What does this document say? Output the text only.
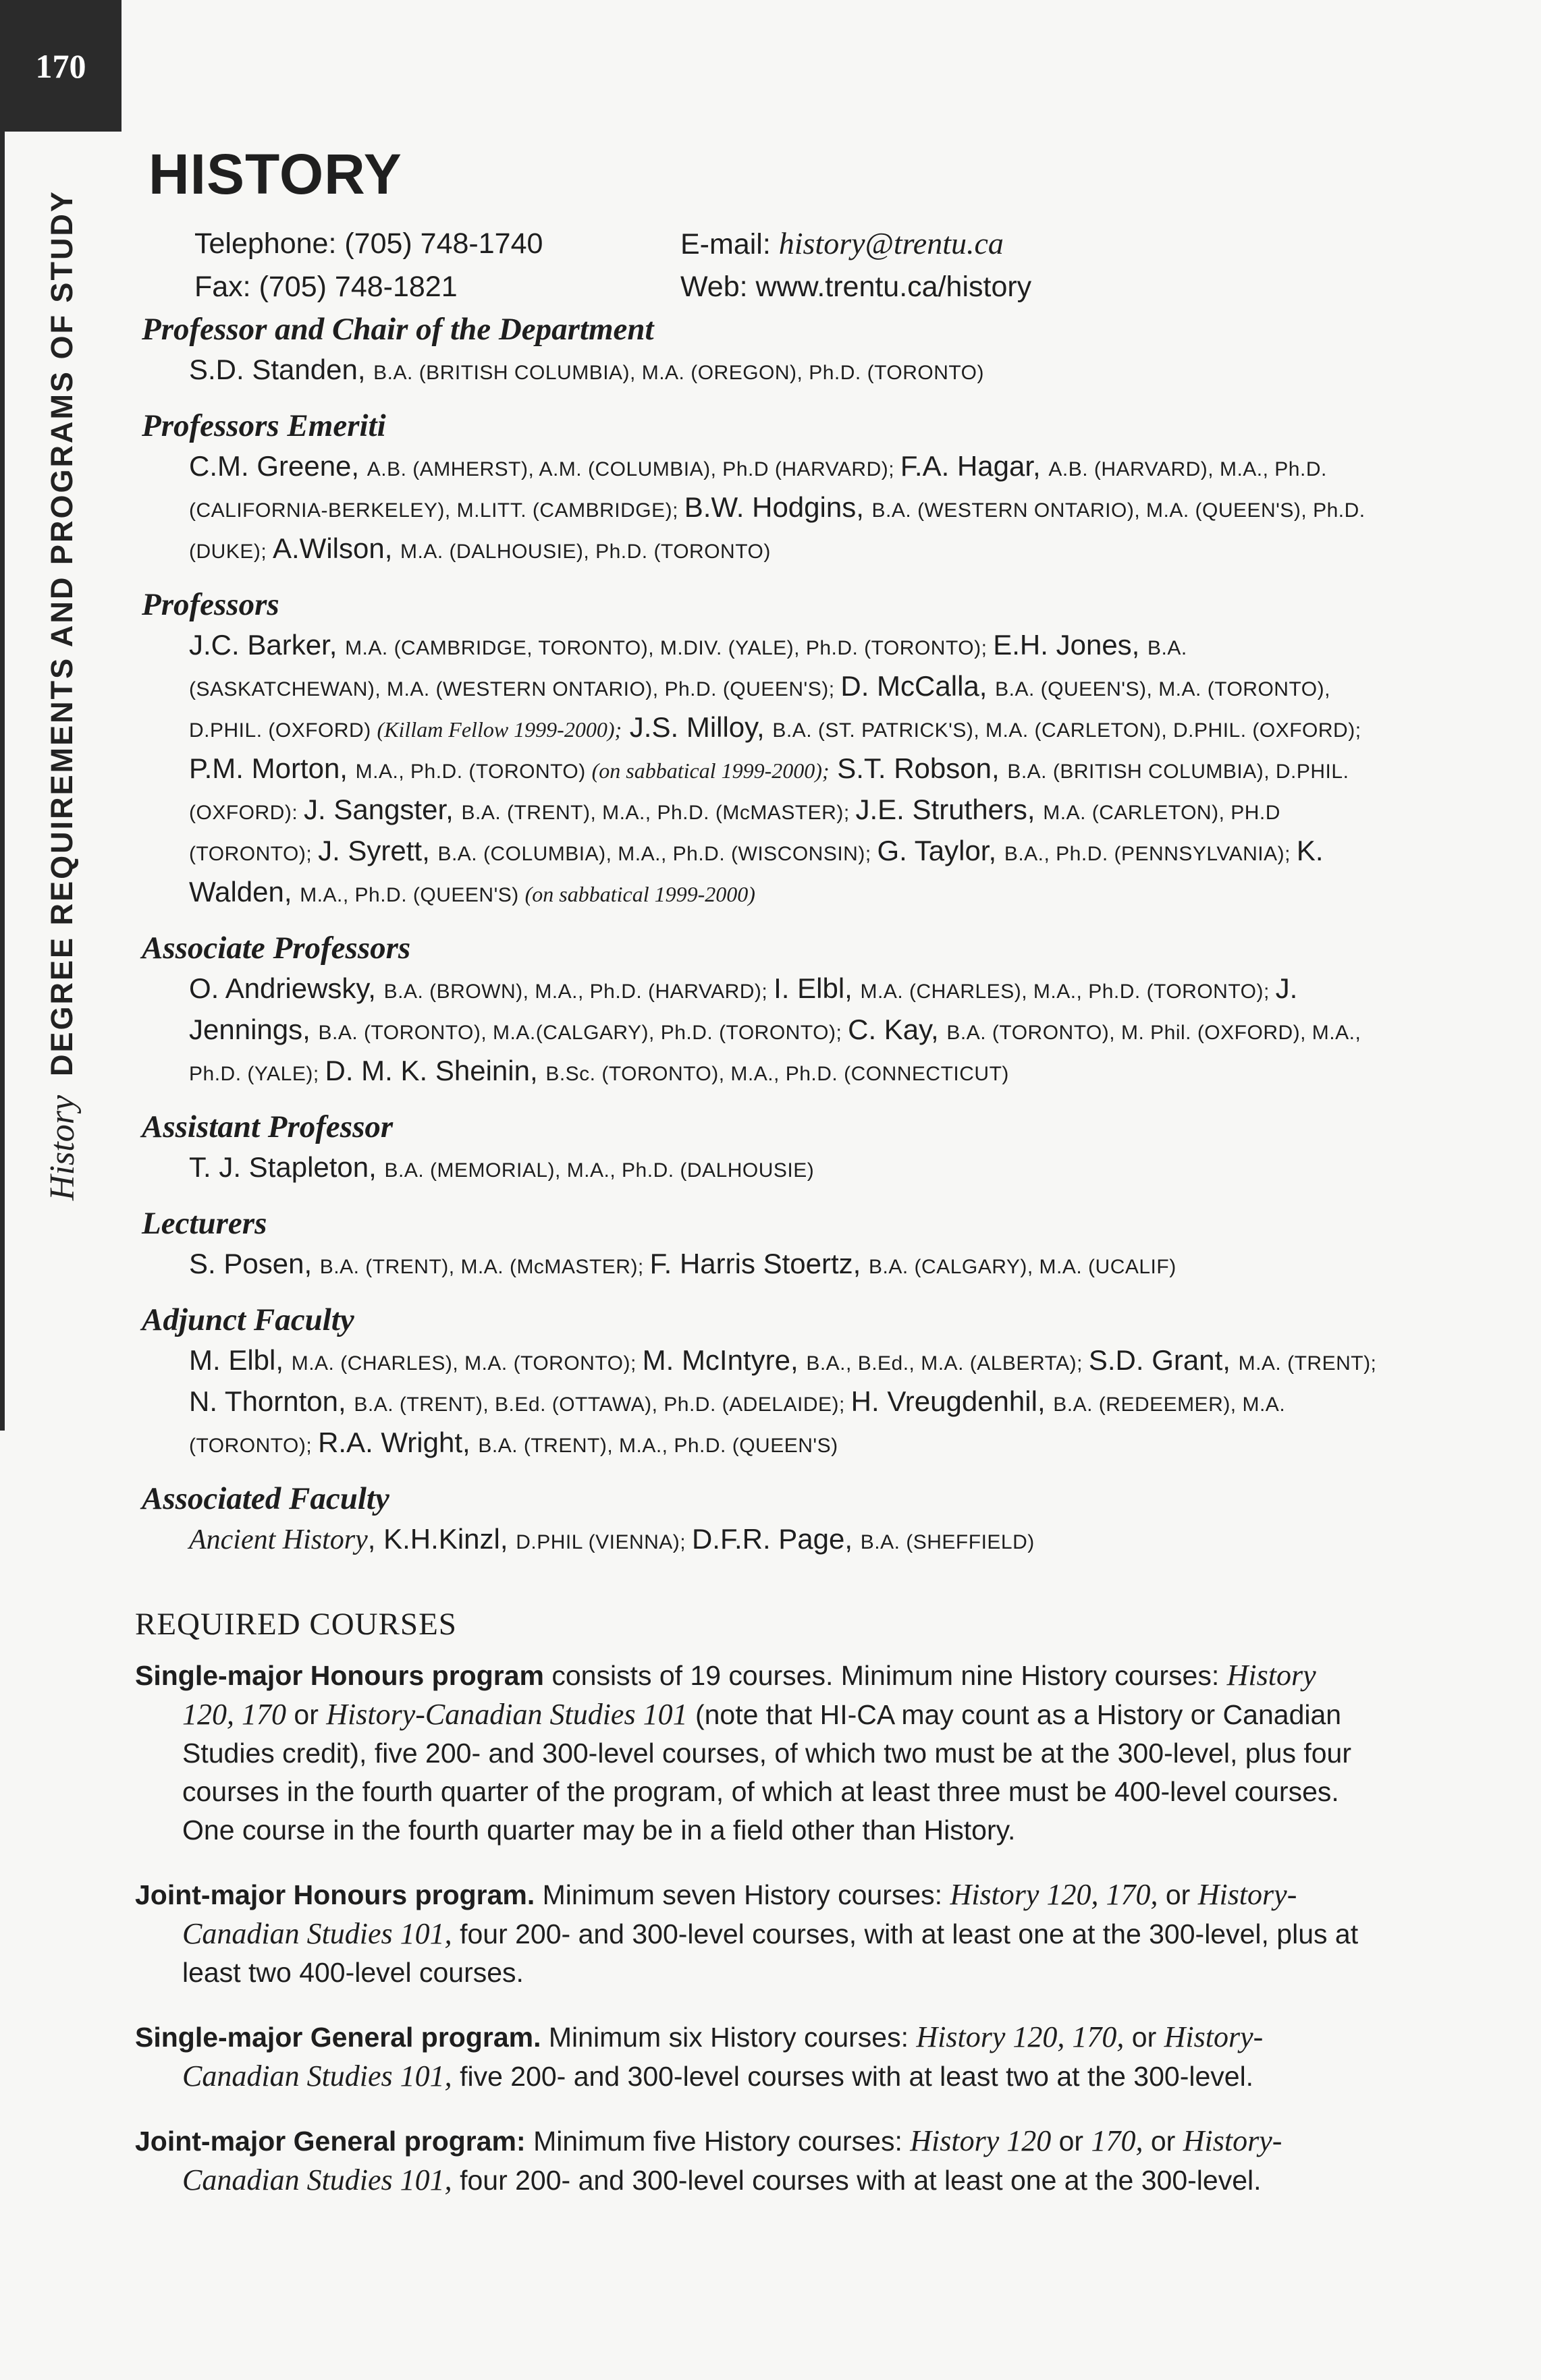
170
History
DEGREE REQUIREMENTS AND PROGRAMS OF STUDY
HISTORY
Telephone: (705) 748-1740	E-mail: history@trentu.ca
Fax: (705) 748-1821	Web: www.trentu.ca/history
Professor and Chair of the Department
S.D. Standen, B.A. (BRITISH COLUMBIA), M.A. (OREGON), Ph.D. (TORONTO)
Professors Emeriti
C.M. Greene, A.B. (AMHERST), A.M. (COLUMBIA), Ph.D (HARVARD); F.A. Hagar, A.B. (HARVARD), M.A., Ph.D. (CALIFORNIA-BERKELEY), M.LITT. (CAMBRIDGE); B.W. Hodgins, B.A. (WESTERN ONTARIO), M.A. (QUEEN'S), Ph.D. (DUKE); A.Wilson, M.A. (DALHOUSIE), Ph.D. (TORONTO)
Professors
J.C. Barker, M.A. (CAMBRIDGE, TORONTO), M.DIV. (YALE), Ph.D. (TORONTO); E.H. Jones, B.A. (SASKATCHEWAN), M.A. (WESTERN ONTARIO), Ph.D. (QUEEN'S); D. McCalla, B.A. (QUEEN'S), M.A. (TORONTO), D.PHIL. (OXFORD) (Killam Fellow 1999-2000); J.S. Milloy, B.A. (ST. PATRICK'S), M.A. (CARLETON), D.PHIL. (OXFORD); P.M. Morton, M.A., Ph.D. (TORONTO) (on sabbatical 1999-2000); S.T. Robson, B.A. (BRITISH COLUMBIA), D.PHIL. (OXFORD): J. Sangster, B.A. (TRENT), M.A., Ph.D. (McMASTER); J.E. Struthers, M.A. (CARLETON), PH.D (TORONTO); J. Syrett, B.A. (COLUMBIA), M.A., Ph.D. (WISCONSIN); G. Taylor, B.A., Ph.D. (PENNSYLVANIA); K. Walden, M.A., Ph.D. (QUEEN'S) (on sabbatical 1999-2000)
Associate Professors
O. Andriewsky, B.A. (BROWN), M.A., Ph.D. (HARVARD); I. Elbl, M.A. (CHARLES), M.A., Ph.D. (TORONTO); J. Jennings, B.A. (TORONTO), M.A.(CALGARY), Ph.D. (TORONTO); C. Kay, B.A. (TORONTO), M. Phil. (OXFORD), M.A., Ph.D. (YALE); D. M. K. Sheinin, B.Sc. (TORONTO), M.A., Ph.D. (CONNECTICUT)
Assistant Professor
T. J. Stapleton, B.A. (MEMORIAL), M.A., Ph.D. (DALHOUSIE)
Lecturers
S. Posen, B.A. (TRENT), M.A. (McMASTER); F. Harris Stoertz, B.A. (CALGARY), M.A. (UCALIF)
Adjunct Faculty
M. Elbl, M.A. (CHARLES), M.A. (TORONTO); M. McIntyre, B.A., B.Ed., M.A. (ALBERTA); S.D. Grant, M.A. (TRENT); N. Thornton, B.A. (TRENT), B.Ed. (OTTAWA), Ph.D. (ADELAIDE); H. Vreugdenhil, B.A. (REDEEMER), M.A. (TORONTO); R.A. Wright, B.A. (TRENT), M.A., Ph.D. (QUEEN'S)
Associated Faculty
Ancient History, K.H.Kinzl, D.PHIL (VIENNA); D.F.R. Page, B.A. (SHEFFIELD)
REQUIRED COURSES

Single-major Honours program consists of 19 courses. Minimum nine History courses: History 120, 170 or History-Canadian Studies 101 (note that HI-CA may count as a History or Canadian Studies credit), five 200- and 300-level courses, of which two must be at the 300-level, plus four courses in the fourth quarter of the program, of which at least three must be 400-level courses. One course in the fourth quarter may be in a field other than History.

Joint-major Honours program. Minimum seven History courses: History 120, 170, or History-Canadian Studies 101, four 200- and 300-level courses, with at least one at the 300-level, plus at least two 400-level courses.

Single-major General program. Minimum six History courses: History 120, 170, or History-Canadian Studies 101, five 200- and 300-level courses with at least two at the 300-level.

Joint-major General program: Minimum five History courses: History 120 or 170, or History-Canadian Studies 101, four 200- and 300-level courses with at least one at the 300-level.
